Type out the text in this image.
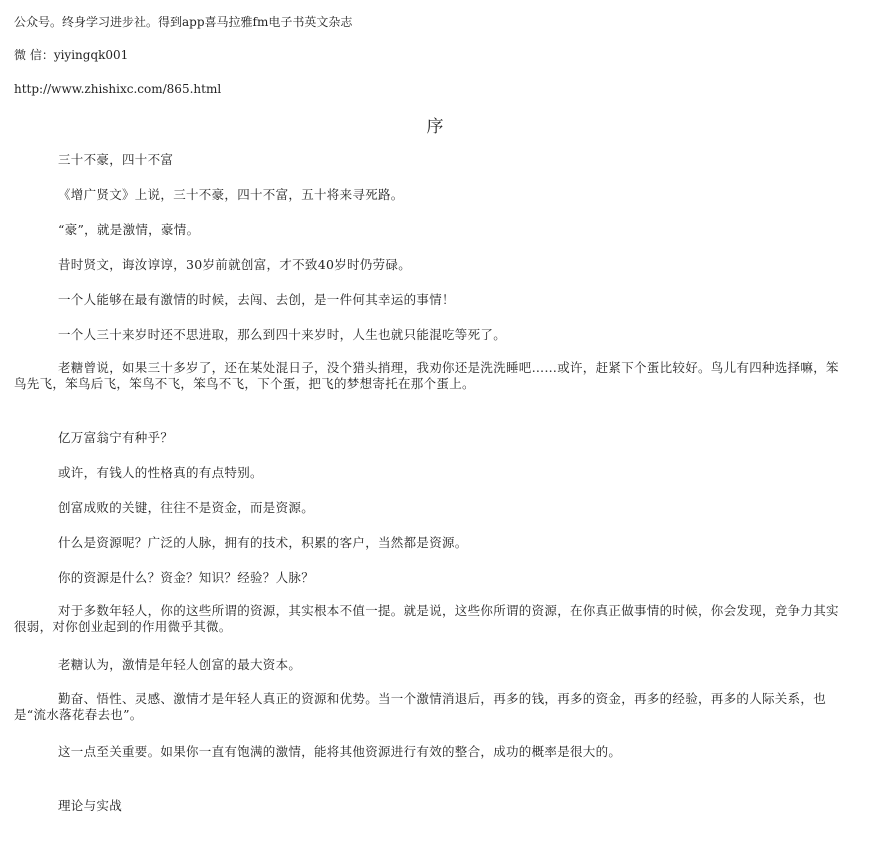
公众号。终身学习进步社。得到app喜马拉雅fm电子书英文杂志
微 信：yiyingqk001
http://www.zhishixc.com/865.html
序
三十不豪，四十不富
《增广贤文》上说，三十不豪，四十不富，五十将来寻死路。
“豪”，就是激情，豪情。
昔时贤文，诲汝谆谆，30岁前就创富，才不致40岁时仍劳碌。
一个人能够在最有激情的时候，去闯、去创，是一件何其幸运的事情！
一个人三十来岁时还不思进取，那么到四十来岁时，人生也就只能混吃等死了。
老糖曾说，如果三十多岁了，还在某处混日子，没个猎头捎理，我劝你还是洗洗睡吧……或许，赶紧下个蛋比较好。鸟儿有四种选择嘛，笨鸟先飞，笨鸟后飞，笨鸟不飞，笨鸟不飞，下个蛋，把飞的梦想寄托在那个蛋上。
亿万富翁宁有种乎？
或许，有钱人的性格真的有点特别。
创富成败的关键，往往不是资金，而是资源。
什么是资源呢？广泛的人脉，拥有的技术，积累的客户，当然都是资源。
你的资源是什么？资金？知识？经验？人脉？
对于多数年轻人，你的这些所谓的资源，其实根本不值一提。就是说，这些你所谓的资源，在你真正做事情的时候，你会发现，竞争力其实很弱，对你创业起到的作用微乎其微。
老糖认为，激情是年轻人创富的最大资本。
勤奋、悟性、灵感、激情才是年轻人真正的资源和优势。当一个激情消退后，再多的钱，再多的资金，再多的经验，再多的人际关系，也是“流水落花春去也”。
这一点至关重要。如果你一直有饱满的激情，能将其他资源进行有效的整合，成功的概率是很大的。
理论与实战
